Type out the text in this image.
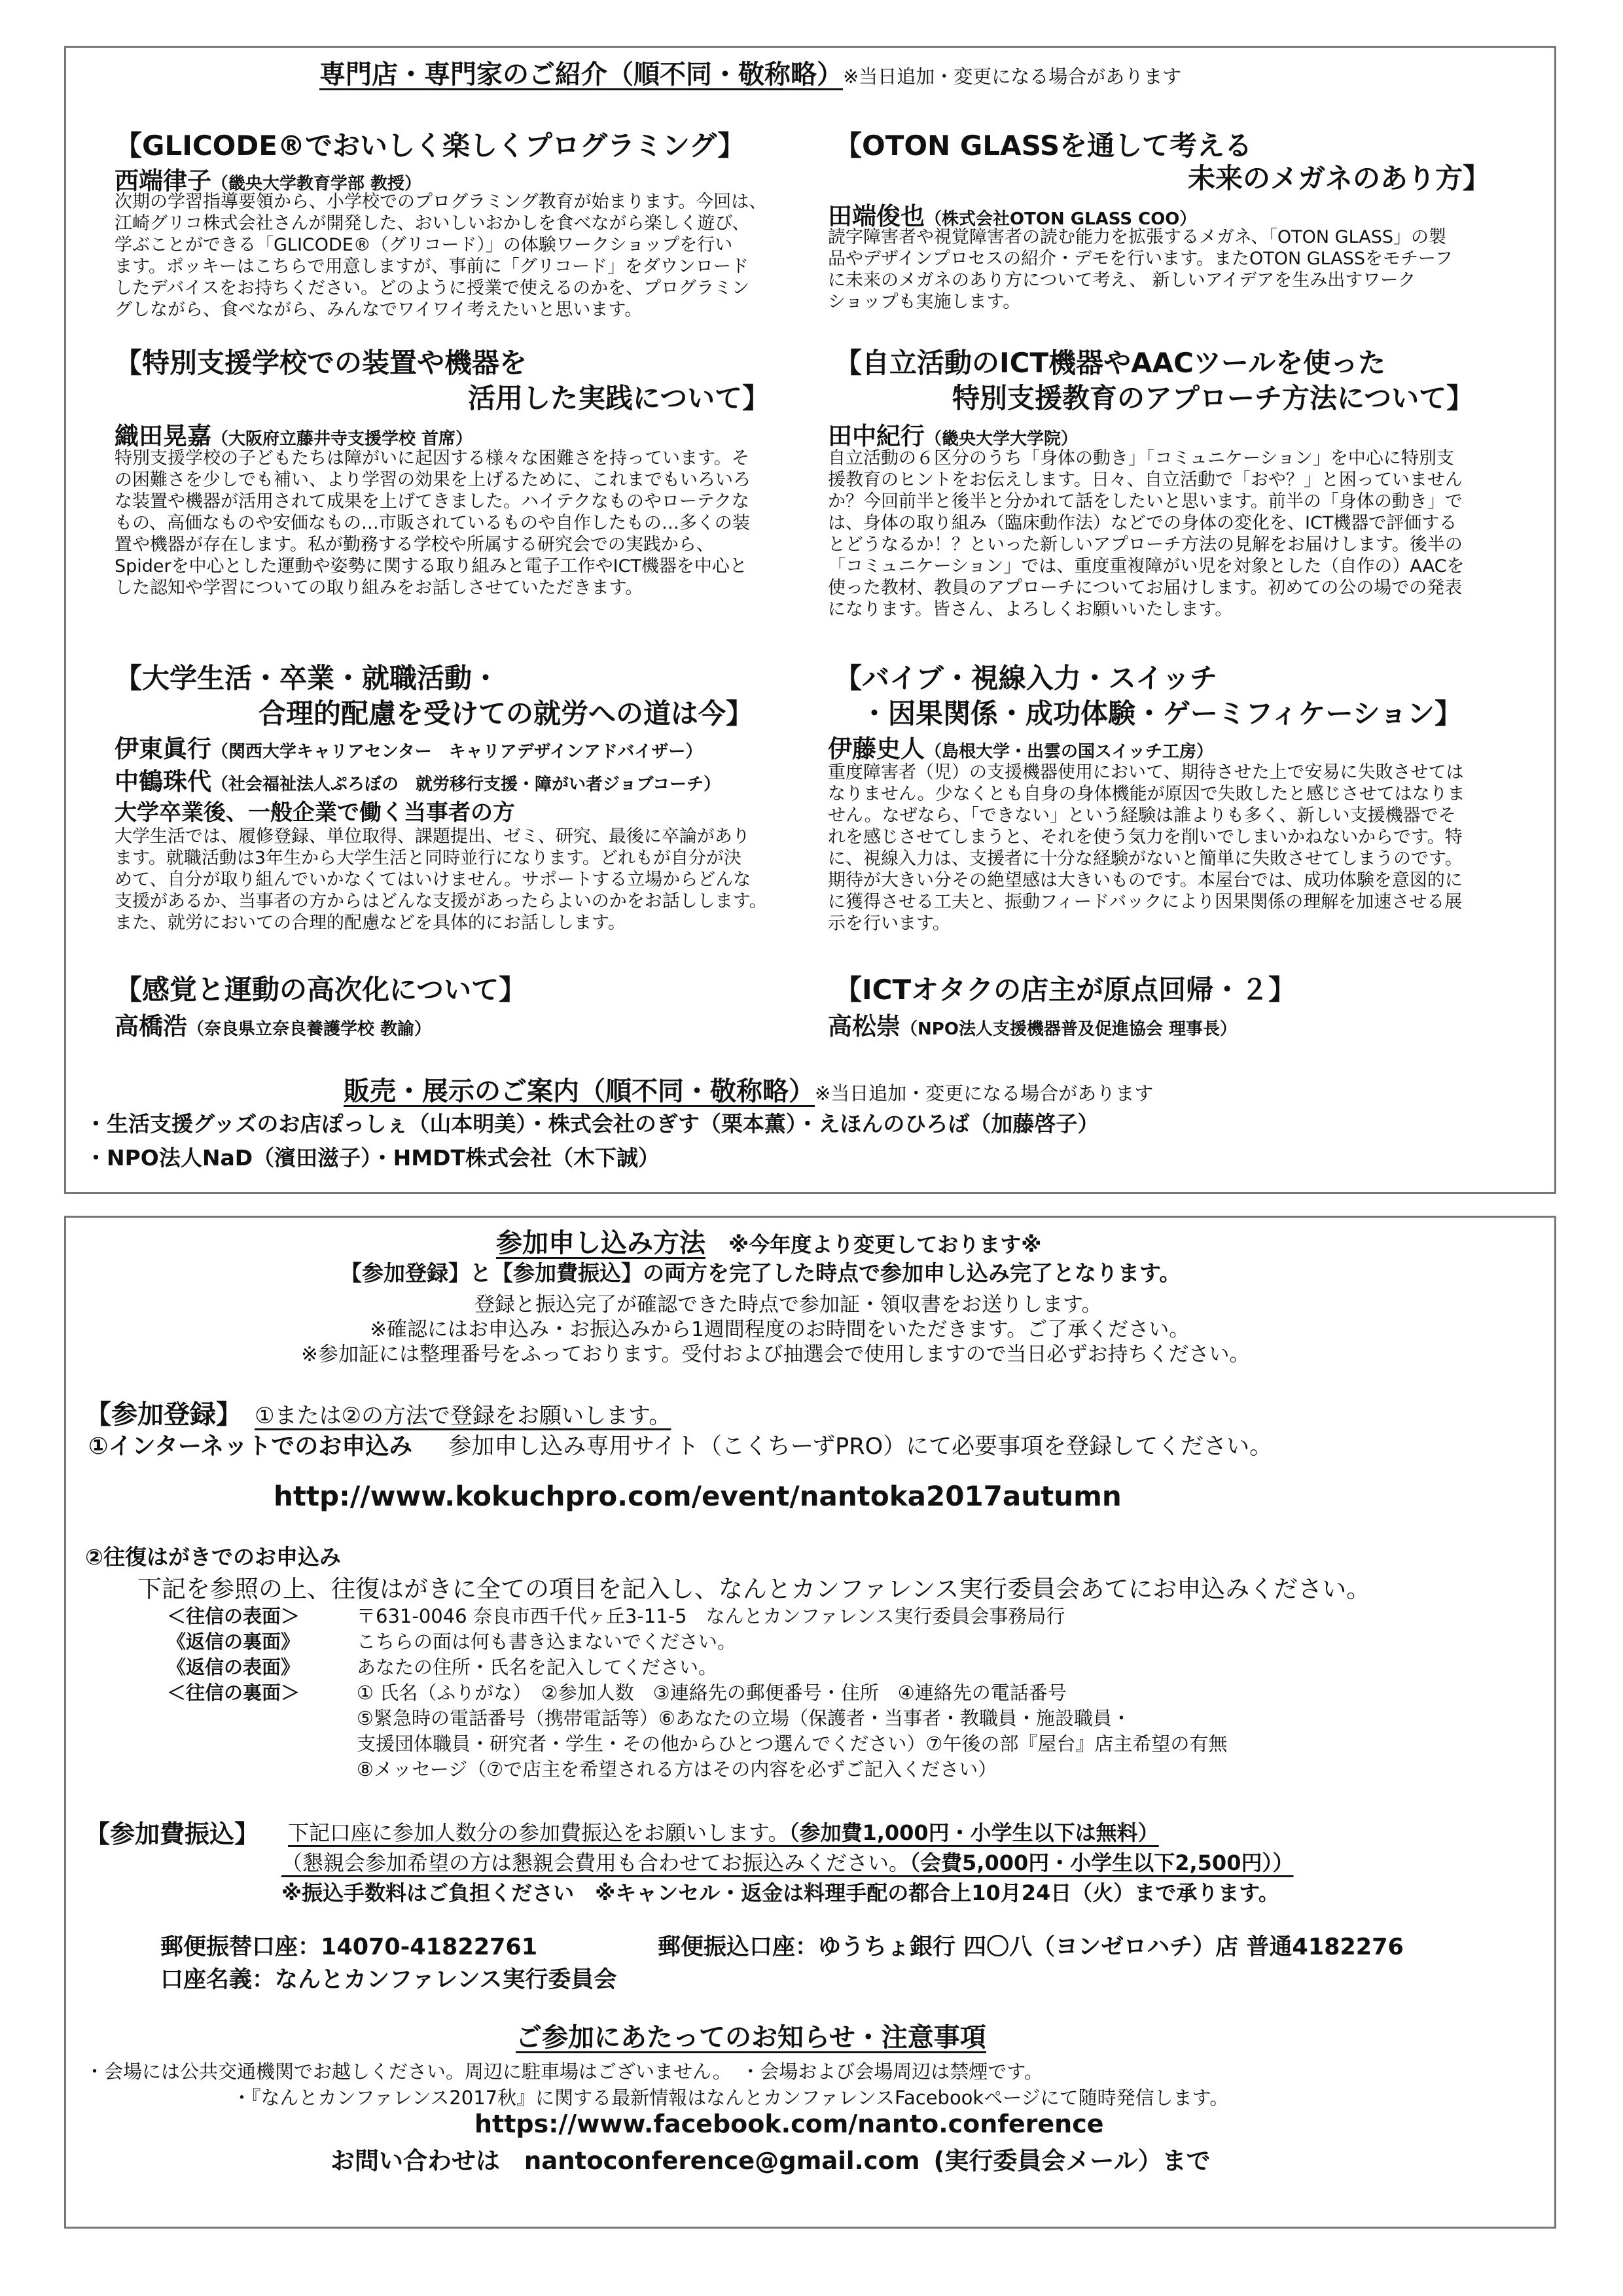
専門店・専門家のご紹介（順不同・敬称略）※当日追加・変更になる場合があります
【GLICODE®でおいしく楽しくプログラミング】
西端律子（畿央大学教育学部 教授）
次期の学習指導要領から、小学校でのプログラミング教育が始まります。今回は、
江崎グリコ株式会社さんが開発した、おいしいおかしを食べながら楽しく遊び、
学ぶことができる「GLICODE®（グリコード）」の体験ワークショップを行い
ます。ポッキーはこちらで用意しますが、事前に「グリコード」をダウンロード
したデバイスをお持ちください。どのように授業で使えるのかを、プログラミン
グしながら、食べながら、みんなでワイワイ考えたいと思います。
【OTON GLASSを通して考える
未来のメガネのあり方】
田端俊也（株式会社OTON GLASS COO）
読字障害者や視覚障害者の読む能力を拡張するメガネ、「OTON GLASS」の製
品やデザインプロセスの紹介・デモを行います。またOTON GLASSをモチーフ
に未来のメガネのあり方について考え、 新しいアイデアを生み出すワーク
ショップも実施します。
【特別支援学校での装置や機器を
活用した実践について】
織田晃嘉（大阪府立藤井寺支援学校 首席）
特別支援学校の子どもたちは障がいに起因する様々な困難さを持っています。そ
の困難さを少しでも補い、より学習の効果を上げるために、これまでもいろいろ
な装置や機器が活用されて成果を上げてきました。ハイテクなものやローテクな
もの、高価なものや安価なもの…市販されているものや自作したもの…多くの装
置や機器が存在します。私が勤務する学校や所属する研究会での実践から、
Spiderを中心とした運動や姿勢に関する取り組みと電子工作やICT機器を中心と
した認知や学習についての取り組みをお話しさせていただきます。
【自立活動のICT機器やAACツールを使った
特別支援教育のアプローチ方法について】
田中紀行（畿央大学大学院）
自立活動の６区分のうち「身体の動き」「コミュニケーション」を中心に特別支
援教育のヒントをお伝えします。日々、自立活動で「おや？」と困っていません
か？今回前半と後半と分かれて話をしたいと思います。前半の「身体の動き」で
は、身体の取り組み（臨床動作法）などでの身体の変化を、ICT機器で評価する
とどうなるか！？といった新しいアプローチ方法の見解をお届けします。後半の
「コミュニケーション」では、重度重複障がい児を対象とした（自作の）AACを
使った教材、教員のアプローチについてお届けします。初めての公の場での発表
になります。皆さん、よろしくお願いいたします。
【大学生活・卒業・就職活動・
合理的配慮を受けての就労への道は今】
伊東眞行（関西大学キャリアセンター　キャリアデザインアドバイザー）
中鶴珠代（社会福祉法人ぷろぼの　就労移行支援・障がい者ジョブコーチ）
大学卒業後、一般企業で働く当事者の方
大学生活では、履修登録、単位取得、課題提出、ゼミ、研究、最後に卒論があり
ます。就職活動は3年生から大学生活と同時並行になります。どれもが自分が決
めて、自分が取り組んでいかなくてはいけません。サポートする立場からどんな
支援があるか、当事者の方からはどんな支援があったらよいのかをお話しします。
また、就労においての合理的配慮などを具体的にお話しします。
【バイブ・視線入力・スイッチ
・因果関係・成功体験・ゲーミフィケーション】
伊藤史人（島根大学・出雲の国スイッチ工房）
重度障害者（児）の支援機器使用において、期待させた上で安易に失敗させては
なりません。少なくとも自身の身体機能が原因で失敗したと感じさせてはなりま
せん。なぜなら、「できない」という経験は誰よりも多く、新しい支援機器でそ
れを感じさせてしまうと、それを使う気力を削いでしまいかねないからです。特
に、視線入力は、支援者に十分な経験がないと簡単に失敗させてしまうのです。
期待が大きい分その絶望感は大きいものです。本屋台では、成功体験を意図的に
に獲得させる工夫と、振動フィードバックにより因果関係の理解を加速させる展
示を行います。
【感覚と運動の高次化について】
高橋浩（奈良県立奈良養護学校 教諭）
【ICTオタクの店主が原点回帰・２】
高松崇（NPO法人支援機器普及促進協会 理事長）
販売・展示のご案内（順不同・敬称略）※当日追加・変更になる場合があります
・生活支援グッズのお店ぽっしぇ（山本明美）・株式会社のぎす（栗本薫）・えほんのひろば（加藤啓子）
・NPO法人NaD（濱田滋子）・HMDT株式会社（木下誠）
参加申し込み方法 ※今年度より変更しております※
【参加登録】と【参加費振込】の両方を完了した時点で参加申し込み完了となります。
登録と振込完了が確認できた時点で参加証・領収書をお送りします。
※確認にはお申込み・お振込みから1週間程度のお時間をいただきます。ご了承ください。
※参加証には整理番号をふっております。受付および抽選会で使用しますので当日必ずお持ちください。
【参加登録】 ①または②の方法で登録をお願いします。
①インターネットでのお申込み 参加申し込み専用サイト（こくちーずPRO）にて必要事項を登録してください。
http://www.kokuchpro.com/event/nantoka2017autumn
②往復はがきでのお申込み
下記を参照の上、往復はがきに全ての項目を記入し、なんとカンファレンス実行委員会あてにお申込みください。
＜往信の表面＞	〒631-0046 奈良市西千代ヶ丘3-11-5　なんとカンファレンス実行委員会事務局行
《返信の裏面》	こちらの面は何も書き込まないでください。
《返信の表面》	あなたの住所・氏名を記入してください。
＜往信の裏面＞	① 氏名（ふりがな）　②参加人数　③連絡先の郵便番号・住所　④連絡先の電話番号
⑤緊急時の電話番号（携帯電話等）⑥あなたの立場（保護者・当事者・教職員・施設職員・
支援団体職員・研究者・学生・その他からひとつ選んでください）⑦午後の部『屋台』店主希望の有無
⑧メッセージ（⑦で店主を希望される方はその内容を必ずご記入ください）
【参加費振込】 下記口座に参加人数分の参加費振込をお願いします。（参加費1,000円・小学生以下は無料）
（懇親会参加希望の方は懇親会費用も合わせてお振込みください。（会費5,000円・小学生以下2,500円））
※振込手数料はご負担ください　※キャンセル・返金は料理手配の都合上10月24日（火）まで承ります。
郵便振替口座：14070-41822761	郵便振込口座：ゆうちょ銀行 四〇八（ヨンゼロハチ）店 普通4182276
口座名義：なんとカンファレンス実行委員会
ご参加にあたってのお知らせ・注意事項
・会場には公共交通機関でお越しください。周辺に駐車場はございません。　・会場および会場周辺は禁煙です。
・『なんとカンファレンス2017秋』に関する最新情報はなんとカンファレンスFacebookページにて随時発信します。
https://www.facebook.com/nanto.conference
お問い合わせは nantoconference@gmail.com (実行委員会メール）まで
